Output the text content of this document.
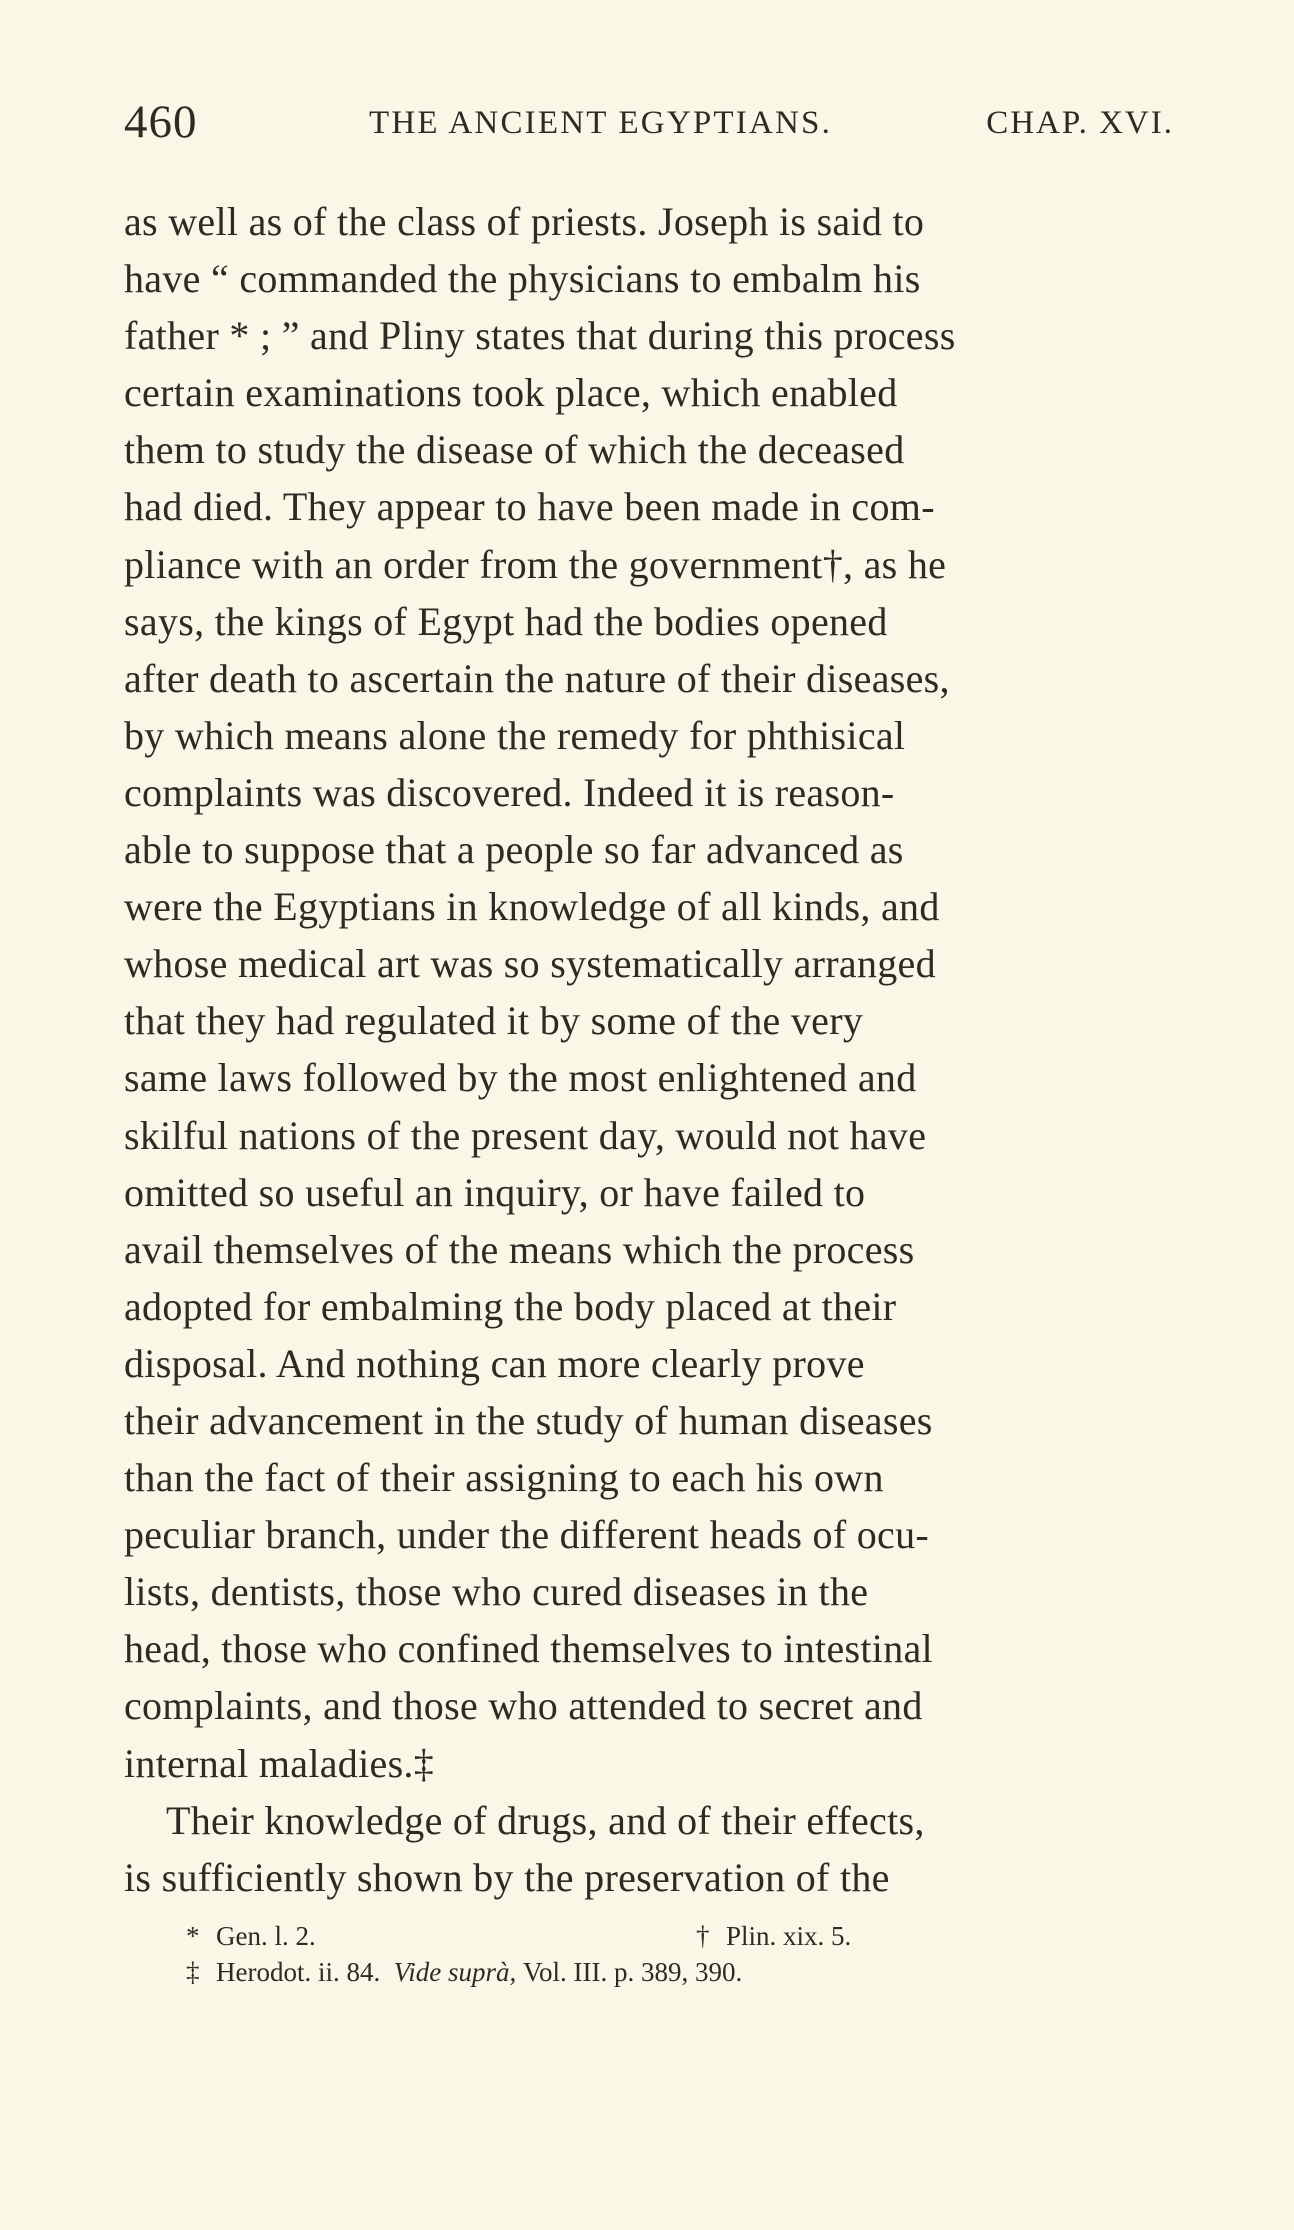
460	THE ANCIENT EGYPTIANS.	CHAP. XVI.
as well as of the class of priests. Joseph is said to
have “ commanded the physicians to embalm his
father * ; ” and Pliny states that during this process
certain examinations took place, which enabled
them to study the disease of which the deceased
had died. They appear to have been made in com-
pliance with an order from the government†, as he
says, the kings of Egypt had the bodies opened
after death to ascertain the nature of their diseases,
by which means alone the remedy for phthisical
complaints was discovered. Indeed it is reason-
able to suppose that a people so far advanced as
were the Egyptians in knowledge of all kinds, and
whose medical art was so systematically arranged
that they had regulated it by some of the very
same laws followed by the most enlightened and
skilful nations of the present day, would not have
omitted so useful an inquiry, or have failed to
avail themselves of the means which the process
adopted for embalming the body placed at their
disposal. And nothing can more clearly prove
their advancement in the study of human diseases
than the fact of their assigning to each his own
peculiar branch, under the different heads of ocu-
lists, dentists, those who cured diseases in the
head, those who confined themselves to intestinal
complaints, and those who attended to secret and
internal maladies.‡
Their knowledge of drugs, and of their effects,
is sufficiently shown by the preservation of the
* Gen. l. 2.	† Plin. xix. 5.
‡ Herodot. ii. 84. Vide suprà, Vol. III. p. 389, 390.
